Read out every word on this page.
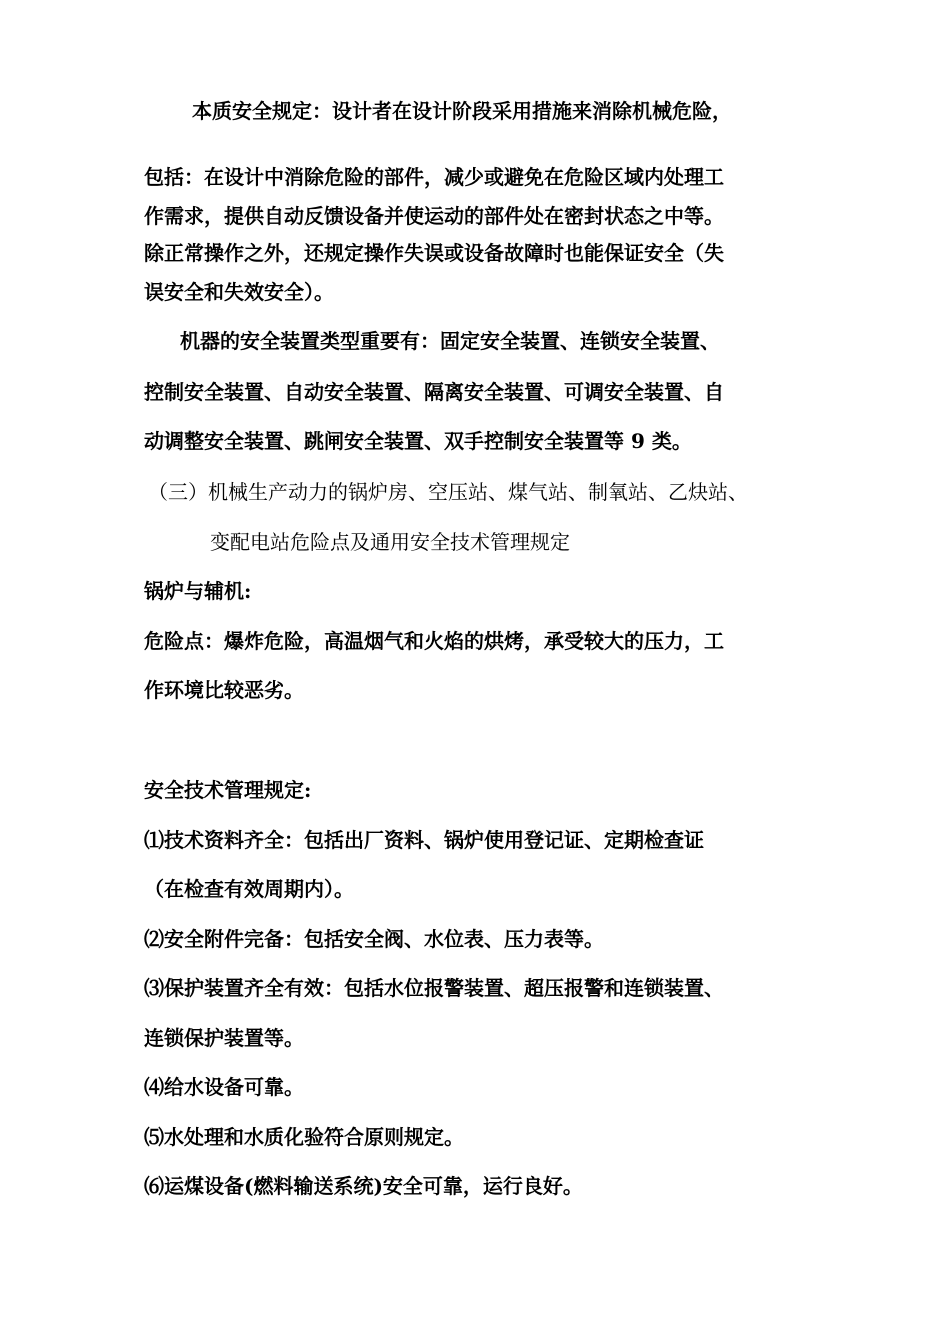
本质安全规定：设计者在设计阶段采用措施来消除机械危险，
包括：在设计中消除危险的部件，减少或避免在危险区域内处理工
作需求，提供自动反馈设备并使运动的部件处在密封状态之中等。
除正常操作之外，还规定操作失误或设备故障时也能保证安全（失
误安全和失效安全）。
机器的安全装置类型重要有：固定安全装置、连锁安全装置、
控制安全装置、自动安全装置、隔离安全装置、可调安全装置、自
动调整安全装置、跳闸安全装置、双手控制安全装置等 9 类。
（三）机械生产动力的锅炉房、空压站、煤气站、制氧站、乙炔站、
变配电站危险点及通用安全技术管理规定
锅炉与辅机:
危险点：爆炸危险，高温烟气和火焰的烘烤，承受较大的压力，工
作环境比较恶劣。
安全技术管理规定:
⑴技术资料齐全：包括出厂资料、锅炉使用登记证、定期检查证
（在检查有效周期内）。
⑵安全附件完备：包括安全阀、水位表、压力表等。
⑶保护装置齐全有效：包括水位报警装置、超压报警和连锁装置、
连锁保护装置等。
⑷给水设备可靠。
⑸水处理和水质化验符合原则规定。
⑹运煤设备(燃料输送系统)安全可靠，运行良好。
